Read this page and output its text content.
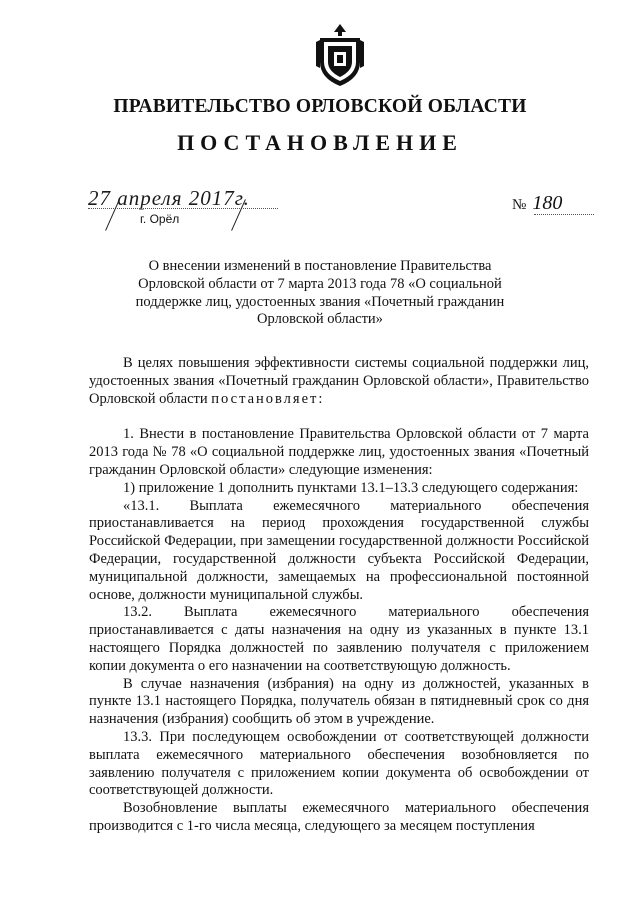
ПРАВИТЕЛЬСТВО ОРЛОВСКОЙ ОБЛАСТИ
ПОСТАНОВЛЕНИЕ
27 апреля 2017г.
г. Орёл
№ 180
О внесении изменений в постановление Правительства Орловской области от 7 марта 2013 года 78 «О социальной поддержке лиц, удостоенных звания «Почетный гражданин Орловской области»

В целях повышения эффективности системы социальной поддержки лиц, удостоенных звания «Почетный гражданин Орловской области», Правительство Орловской области постановляет:

1. Внести в постановление Правительства Орловской области от 7 марта 2013 года № 78 «О социальной поддержке лиц, удостоенных звания «Почетный гражданин Орловской области» следующие изменения:

1) приложение 1 дополнить пунктами 13.1–13.3 следующего содержания:

«13.1. Выплата ежемесячного материального обеспечения приостанавливается на период прохождения государственной службы Российской Федерации, при замещении государственной должности Российской Федерации, государственной должности субъекта Российской Федерации, муниципальной должности, замещаемых на профессиональной постоянной основе, должности муниципальной службы.

13.2. Выплата ежемесячного материального обеспечения приостанавливается с даты назначения на одну из указанных в пункте 13.1 настоящего Порядка должностей по заявлению получателя с приложением копии документа о его назначении на соответствующую должность.

В случае назначения (избрания) на одну из должностей, указанных в пункте 13.1 настоящего Порядка, получатель обязан в пятидневный срок со дня назначения (избрания) сообщить об этом в учреждение.

13.3. При последующем освобождении от соответствующей должности выплата ежемесячного материального обеспечения возобновляется по заявлению получателя с приложением копии документа об освобождении от соответствующей должности.

Возобновление выплаты ежемесячного материального обеспечения производится с 1-го числа месяца, следующего за месяцем поступления
